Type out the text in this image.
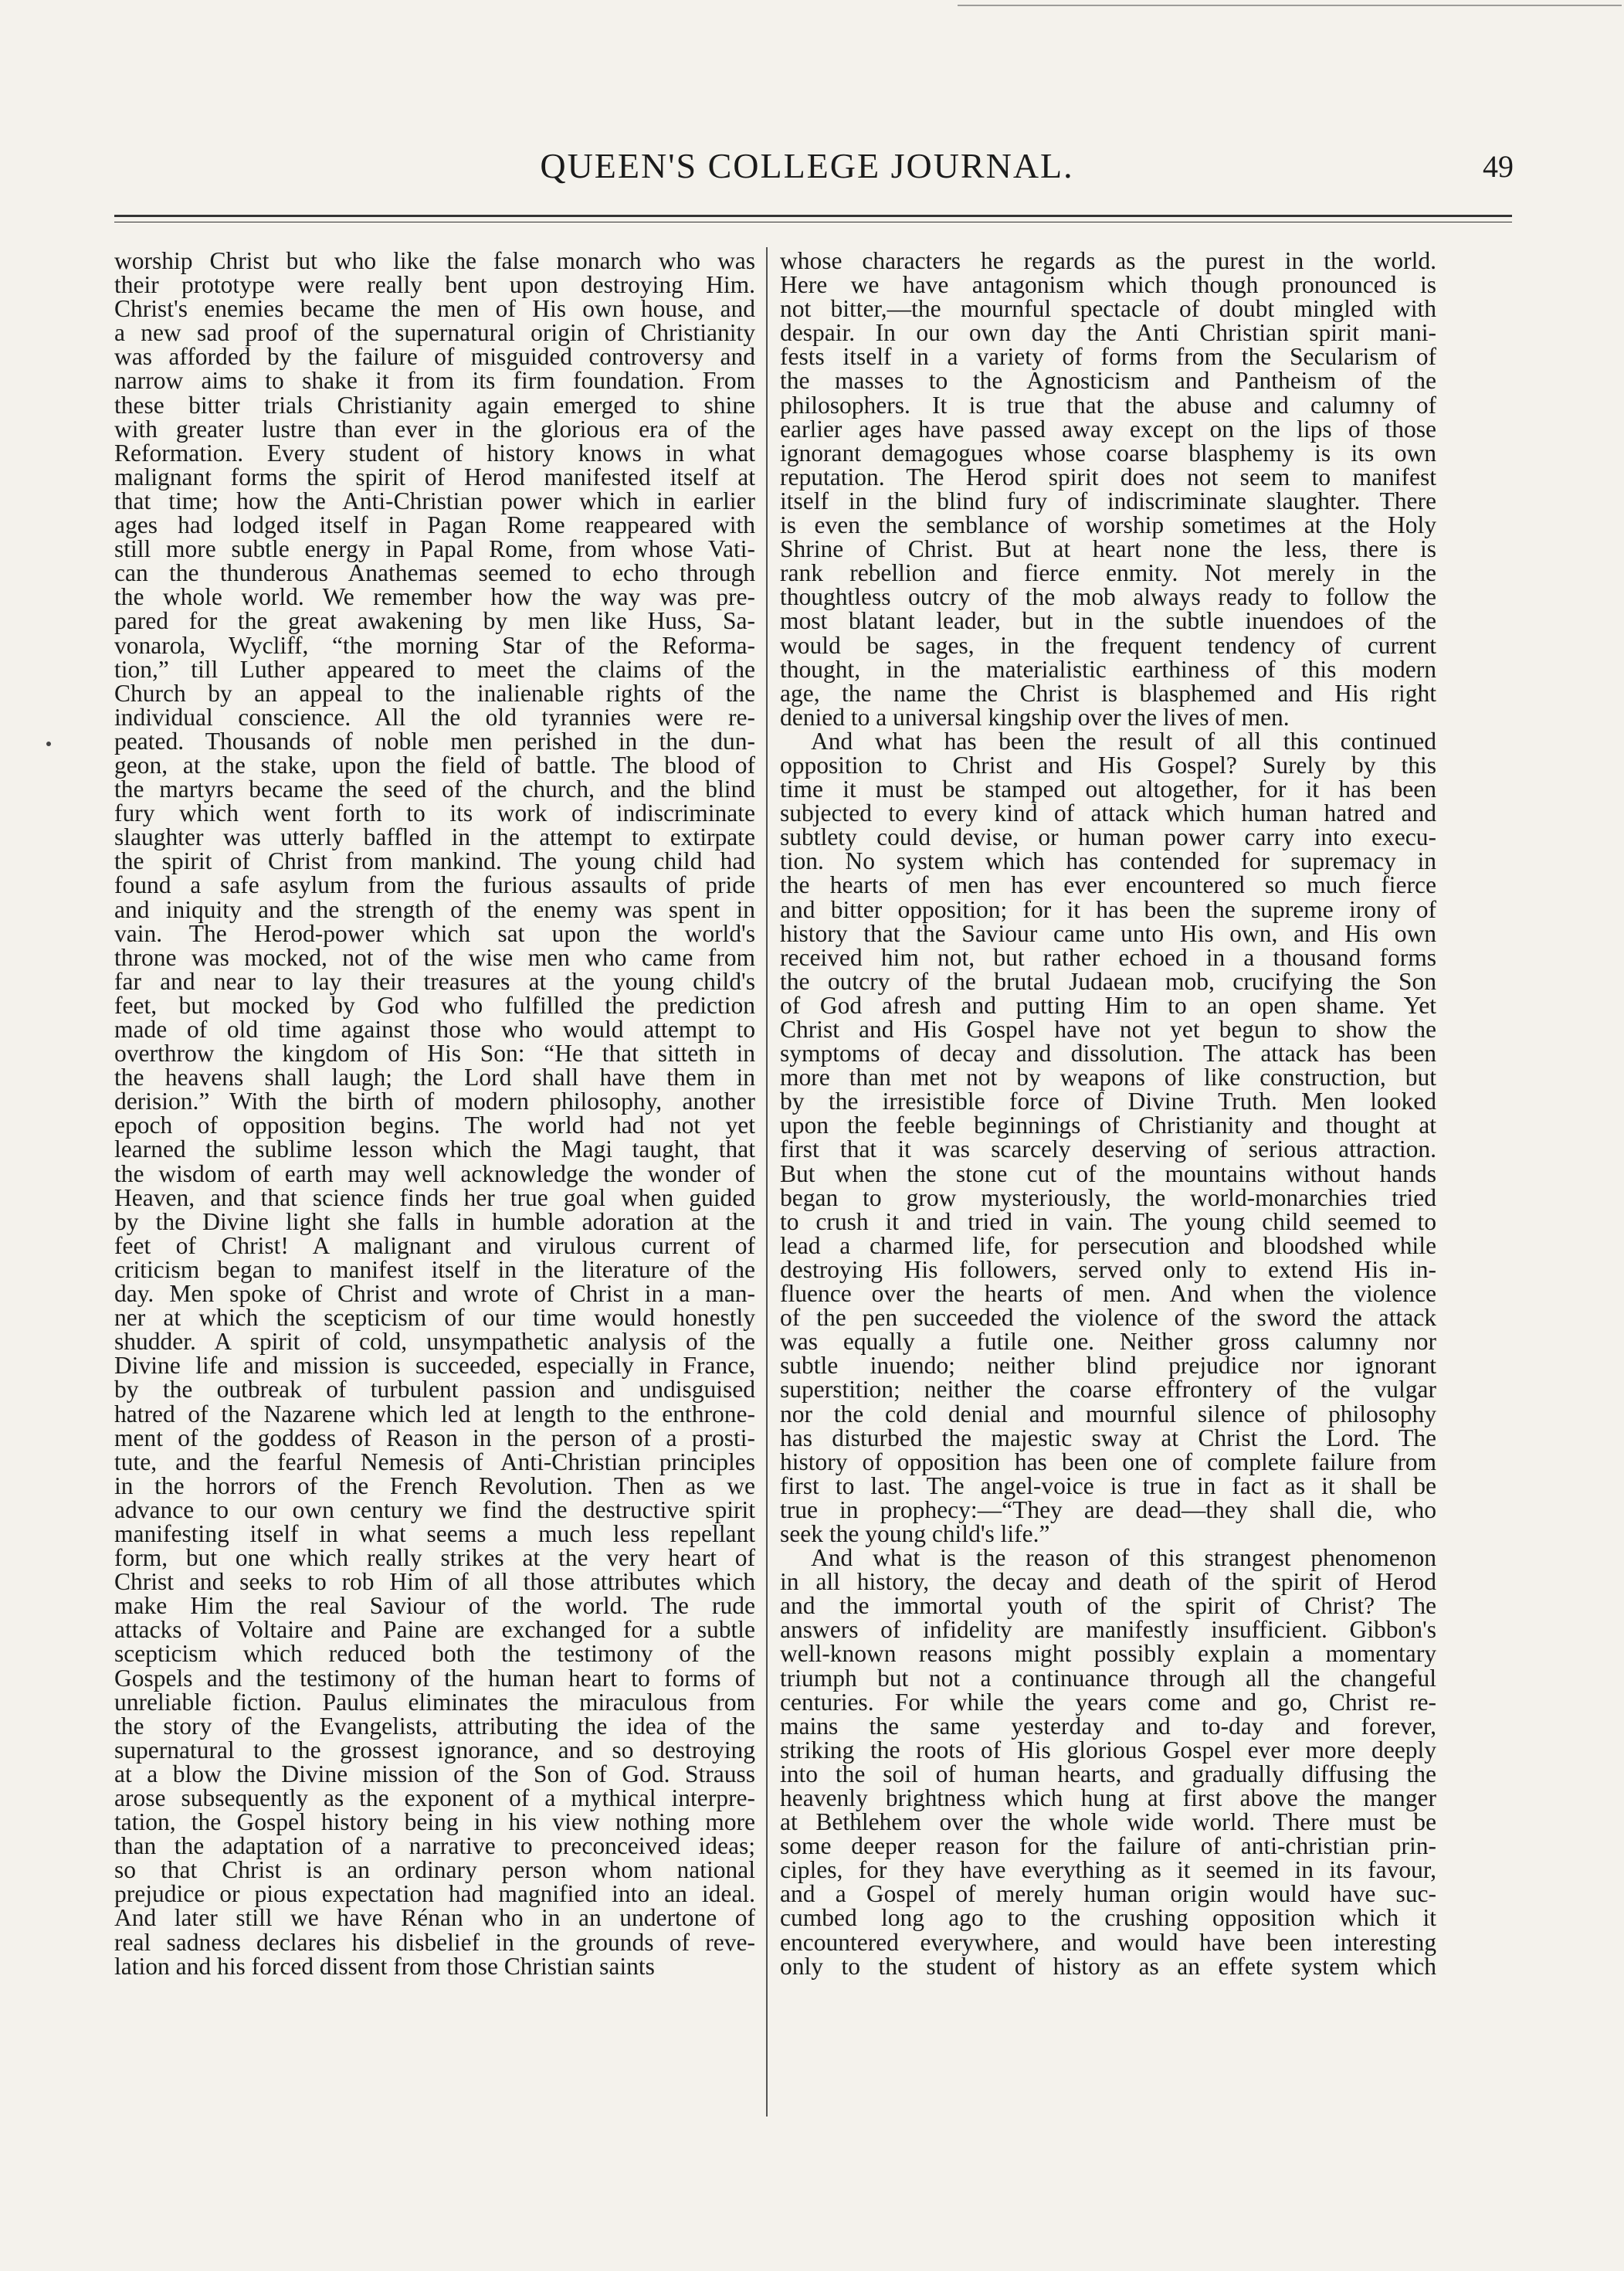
QUEEN'S COLLEGE JOURNAL.	49

worship Christ but who like the false monarch who was

their prototype were really bent upon destroying Him.

Christ's enemies became the men of His own house, and

a new sad proof of the supernatural origin of Christianity

was afforded by the failure of misguided controversy and

narrow aims to shake it from its firm foundation. From

these bitter trials Christianity again emerged to shine

with greater lustre than ever in the glorious era of the

Reformation. Every student of history knows in what

malignant forms the spirit of Herod manifested itself at

that time; how the Anti-Christian power which in earlier

ages had lodged itself in Pagan Rome reappeared with

still more subtle energy in Papal Rome, from whose Vati-

can the thunderous Anathemas seemed to echo through

the whole world. We remember how the way was pre-

pared for the great awakening by men like Huss, Sa-

vonarola, Wycliff, “the morning Star of the Reforma-

tion,” till Luther appeared to meet the claims of the

Church by an appeal to the inalienable rights of the

individual conscience. All the old tyrannies were re-

peated. Thousands of noble men perished in the dun-

geon, at the stake, upon the field of battle. The blood of

the martyrs became the seed of the church, and the blind

fury which went forth to its work of indiscriminate

slaughter was utterly baffled in the attempt to extirpate

the spirit of Christ from mankind. The young child had

found a safe asylum from the furious assaults of pride

and iniquity and the strength of the enemy was spent in

vain. The Herod-power which sat upon the world's

throne was mocked, not of the wise men who came from

far and near to lay their treasures at the young child's

feet, but mocked by God who fulfilled the prediction

made of old time against those who would attempt to

overthrow the kingdom of His Son: “He that sitteth in

the heavens shall laugh; the Lord shall have them in

derision.” With the birth of modern philosophy, another

epoch of opposition begins. The world had not yet

learned the sublime lesson which the Magi taught, that

the wisdom of earth may well acknowledge the wonder of

Heaven, and that science finds her true goal when guided

by the Divine light she falls in humble adoration at the

feet of Christ! A malignant and virulous current of

criticism began to manifest itself in the literature of the

day. Men spoke of Christ and wrote of Christ in a man-

ner at which the scepticism of our time would honestly

shudder. A spirit of cold, unsympathetic analysis of the

Divine life and mission is succeeded, especially in France,

by the outbreak of turbulent passion and undisguised

hatred of the Nazarene which led at length to the enthrone-

ment of the goddess of Reason in the person of a prosti-

tute, and the fearful Nemesis of Anti-Christian principles

in the horrors of the French Revolution. Then as we

advance to our own century we find the destructive spirit

manifesting itself in what seems a much less repellant

form, but one which really strikes at the very heart of

Christ and seeks to rob Him of all those attributes which

make Him the real Saviour of the world. The rude

attacks of Voltaire and Paine are exchanged for a subtle

scepticism which reduced both the testimony of the

Gospels and the testimony of the human heart to forms of

unreliable fiction. Paulus eliminates the miraculous from

the story of the Evangelists, attributing the idea of the

supernatural to the grossest ignorance, and so destroying

at a blow the Divine mission of the Son of God. Strauss

arose subsequently as the exponent of a mythical interpre-

tation, the Gospel history being in his view nothing more

than the adaptation of a narrative to preconceived ideas;

so that Christ is an ordinary person whom national

prejudice or pious expectation had magnified into an ideal.

And later still we have Rénan who in an undertone of

real sadness declares his disbelief in the grounds of reve-

lation and his forced dissent from those Christian saints

whose characters he regards as the purest in the world.

Here we have antagonism which though pronounced is

not bitter,—the mournful spectacle of doubt mingled with

despair. In our own day the Anti Christian spirit mani-

fests itself in a variety of forms from the Secularism of

the masses to the Agnosticism and Pantheism of the

philosophers. It is true that the abuse and calumny of

earlier ages have passed away except on the lips of those

ignorant demagogues whose coarse blasphemy is its own

reputation. The Herod spirit does not seem to manifest

itself in the blind fury of indiscriminate slaughter. There

is even the semblance of worship sometimes at the Holy

Shrine of Christ. But at heart none the less, there is

rank rebellion and fierce enmity. Not merely in the

thoughtless outcry of the mob always ready to follow the

most blatant leader, but in the subtle inuendoes of the

would be sages, in the frequent tendency of current

thought, in the materialistic earthiness of this modern

age, the name the Christ is blasphemed and His right

denied to a universal kingship over the lives of men.

And what has been the result of all this continued

opposition to Christ and His Gospel? Surely by this

time it must be stamped out altogether, for it has been

subjected to every kind of attack which human hatred and

subtlety could devise, or human power carry into execu-

tion. No system which has contended for supremacy in

the hearts of men has ever encountered so much fierce

and bitter opposition; for it has been the supreme irony of

history that the Saviour came unto His own, and His own

received him not, but rather echoed in a thousand forms

the outcry of the brutal Judaean mob, crucifying the Son

of God afresh and putting Him to an open shame. Yet

Christ and His Gospel have not yet begun to show the

symptoms of decay and dissolution. The attack has been

more than met not by weapons of like construction, but

by the irresistible force of Divine Truth. Men looked

upon the feeble beginnings of Christianity and thought at

first that it was scarcely deserving of serious attraction.

But when the stone cut of the mountains without hands

began to grow mysteriously, the world-monarchies tried

to crush it and tried in vain. The young child seemed to

lead a charmed life, for persecution and bloodshed while

destroying His followers, served only to extend His in-

fluence over the hearts of men. And when the violence

of the pen succeeded the violence of the sword the attack

was equally a futile one. Neither gross calumny nor

subtle inuendo; neither blind prejudice nor ignorant

superstition; neither the coarse effrontery of the vulgar

nor the cold denial and mournful silence of philosophy

has disturbed the majestic sway at Christ the Lord. The

history of opposition has been one of complete failure from

first to last. The angel-voice is true in fact as it shall be

true in prophecy:—“They are dead—they shall die, who

seek the young child's life.”

And what is the reason of this strangest phenomenon

in all history, the decay and death of the spirit of Herod

and the immortal youth of the spirit of Christ? The

answers of infidelity are manifestly insufficient. Gibbon's

well-known reasons might possibly explain a momentary

triumph but not a continuance through all the changeful

centuries. For while the years come and go, Christ re-

mains the same yesterday and to-day and forever,

striking the roots of His glorious Gospel ever more deeply

into the soil of human hearts, and gradually diffusing the

heavenly brightness which hung at first above the manger

at Bethlehem over the whole wide world. There must be

some deeper reason for the failure of anti-christian prin-

ciples, for they have everything as it seemed in its favour,

and a Gospel of merely human origin would have suc-

cumbed long ago to the crushing opposition which it

encountered everywhere, and would have been interesting

only to the student of history as an effete system which
